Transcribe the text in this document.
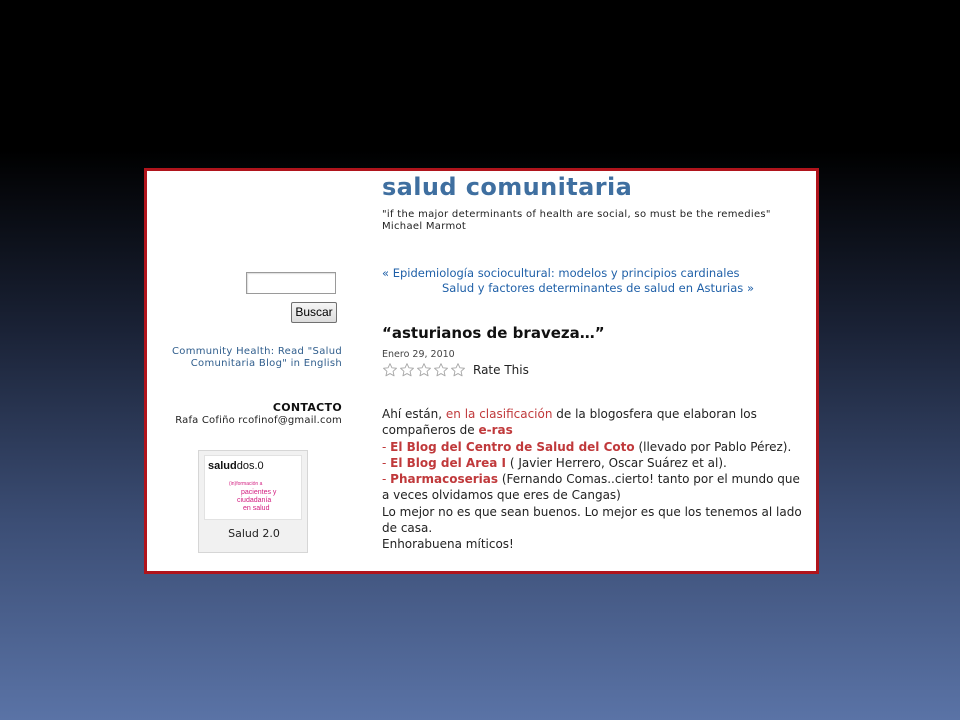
Buscar
Community Health: Read "Salud Comunitaria Blog" in English
CONTACTO
Rafa Cofiño rcofinof@gmail.com
saluddos.0
(in)formación a
pacientes y
ciudadanía
en salud
Salud 2.0
salud comunitaria
"if the major determinants of health are social, so must be the remedies" Michael Marmot
« Epidemiología sociocultural: modelos y principios cardinales
Salud y factores determinantes de salud en Asturias »
“asturianos de braveza…”
Enero 29, 2010
Rate This

Ahí están, en la clasificación de la blogosfera que elaboran los compañeros de e-ras

- El Blog del Centro de Salud del Coto (llevado por Pablo Pérez).

- El Blog del Area I ( Javier Herrero, Oscar Suárez et al).

- Pharmacoserias (Fernando Comas..cierto! tanto por el mundo que a veces olvidamos que eres de Cangas)

Lo mejor no es que sean buenos. Lo mejor es que los tenemos al lado de casa.

Enhorabuena míticos!
